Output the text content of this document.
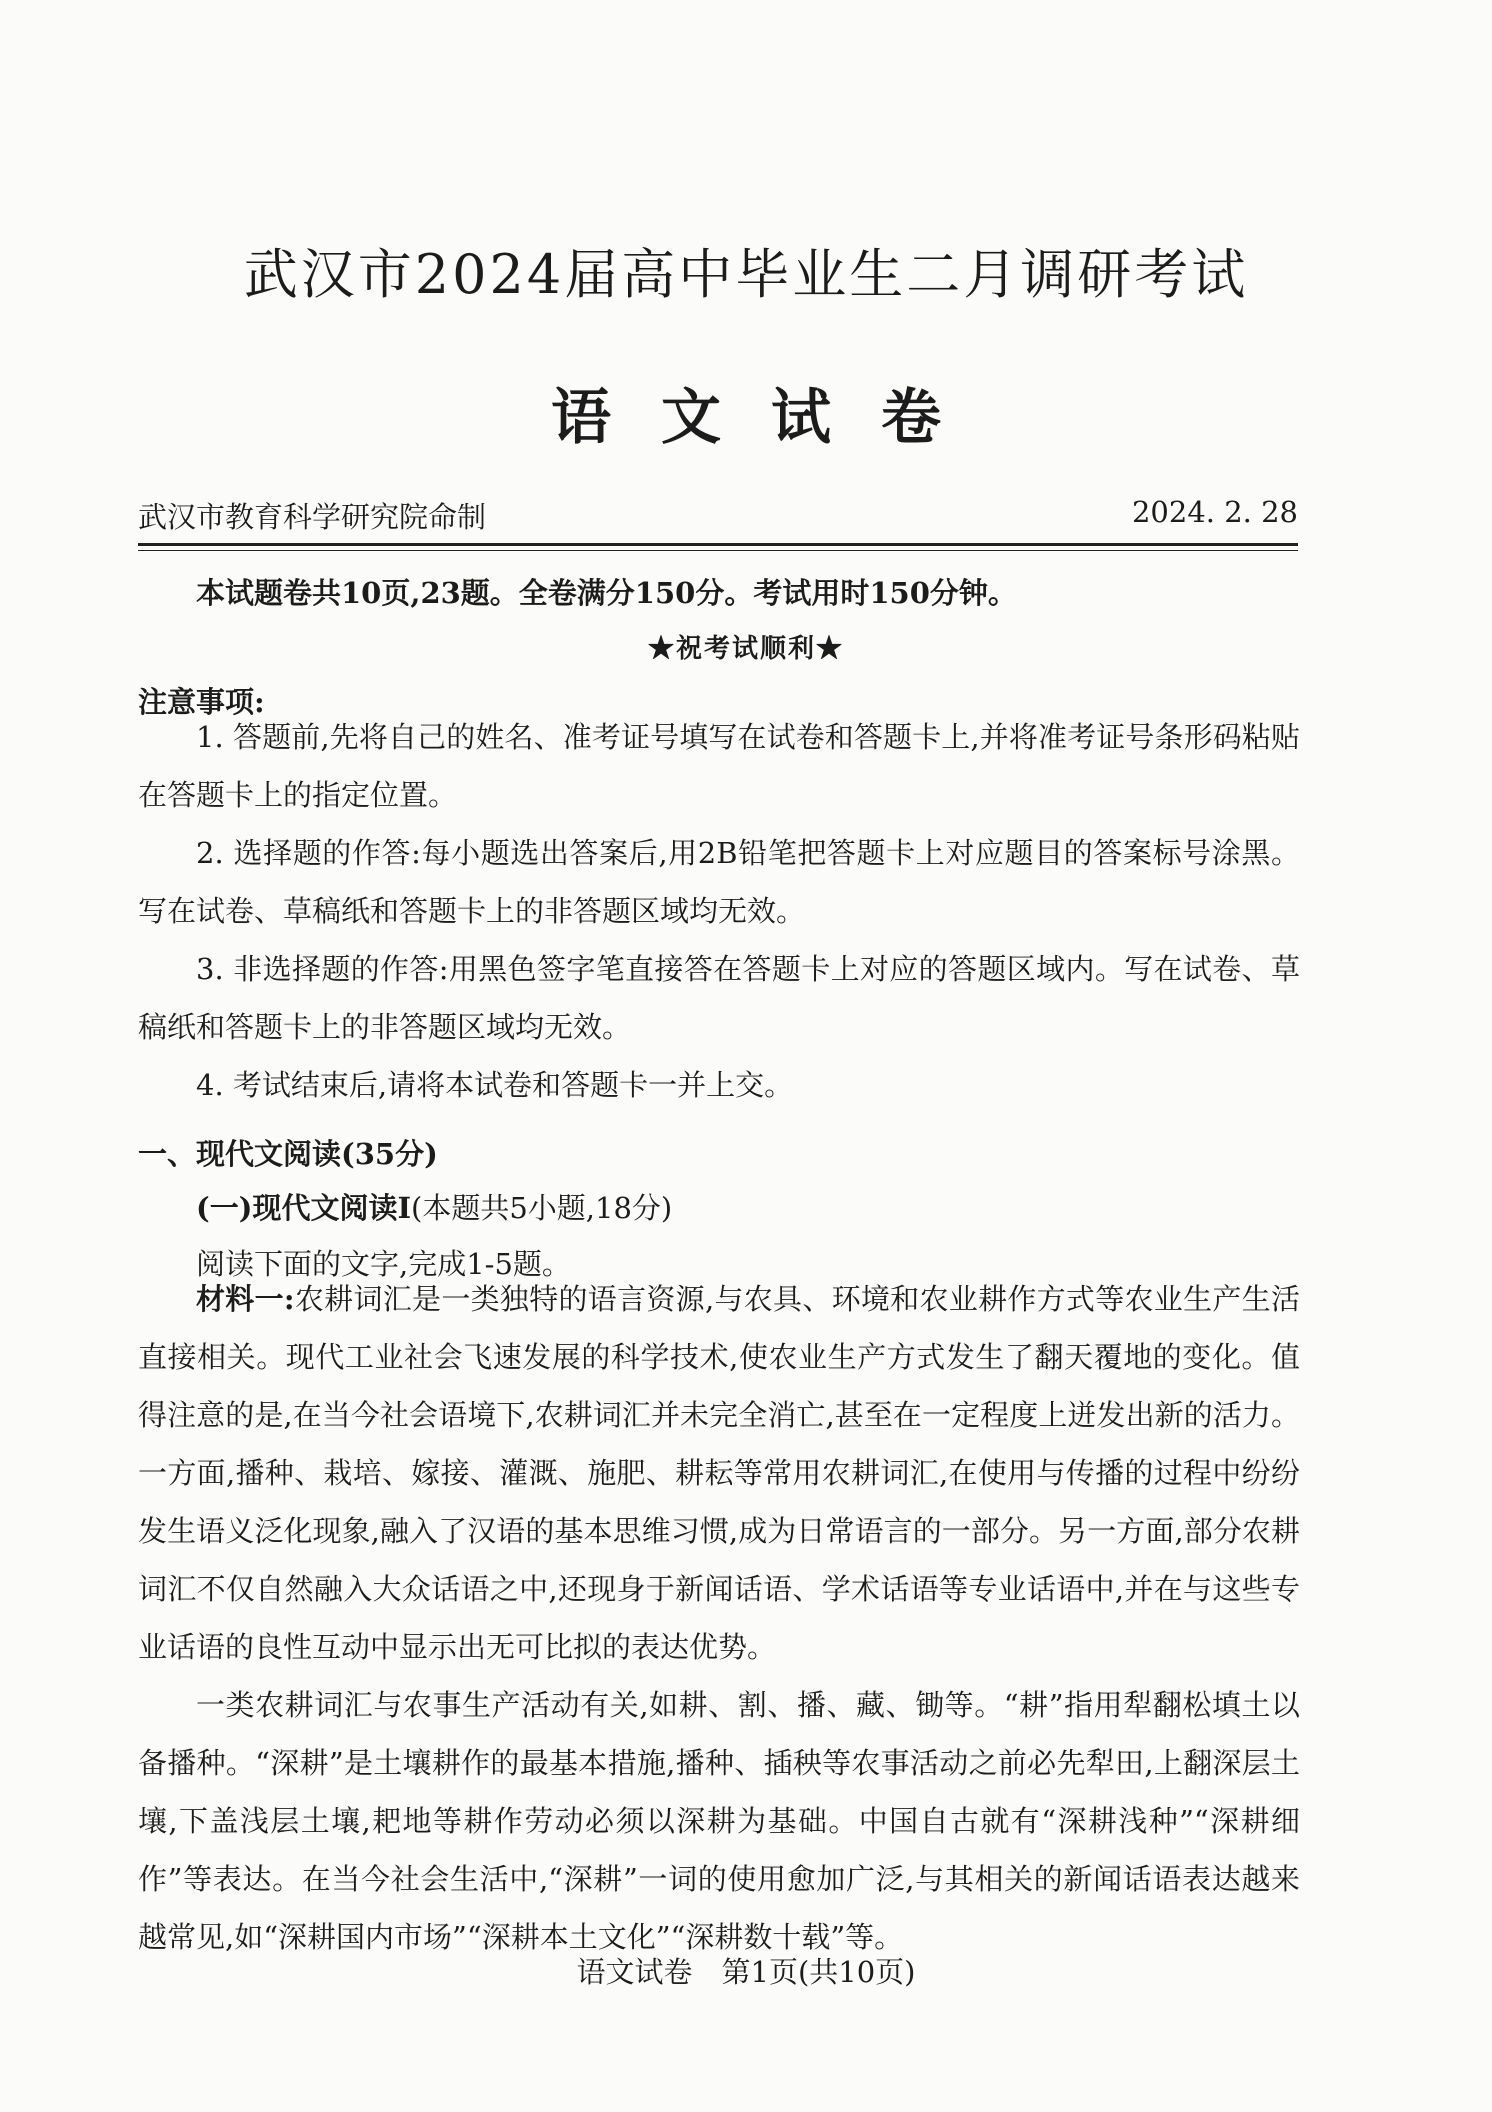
武汉市2024届高中毕业生二月调研考试
语文试卷
武汉市教育科学研究院命制	2024. 2. 28
本试题卷共10页,23题。全卷满分150分。考试用时150分钟。
★祝考试顺利★
注意事项:
1. 答题前,先将自己的姓名、准考证号填写在试卷和答题卡上,并将准考证号条形码粘贴在答题卡上的指定位置。
2. 选择题的作答:每小题选出答案后,用2B铅笔把答题卡上对应题目的答案标号涂黑。写在试卷、草稿纸和答题卡上的非答题区域均无效。
3. 非选择题的作答:用黑色签字笔直接答在答题卡上对应的答题区域内。写在试卷、草稿纸和答题卡上的非答题区域均无效。
4. 考试结束后,请将本试卷和答题卡一并上交。
一、现代文阅读(35分)
(一)现代文阅读Ⅰ(本题共5小题,18分)
阅读下面的文字,完成1-5题。
材料一:农耕词汇是一类独特的语言资源,与农具、环境和农业耕作方式等农业生产生活直接相关。现代工业社会飞速发展的科学技术,使农业生产方式发生了翻天覆地的变化。值得注意的是,在当今社会语境下,农耕词汇并未完全消亡,甚至在一定程度上迸发出新的活力。一方面,播种、栽培、嫁接、灌溉、施肥、耕耘等常用农耕词汇,在使用与传播的过程中纷纷发生语义泛化现象,融入了汉语的基本思维习惯,成为日常语言的一部分。另一方面,部分农耕词汇不仅自然融入大众话语之中,还现身于新闻话语、学术话语等专业话语中,并在与这些专业话语的良性互动中显示出无可比拟的表达优势。
一类农耕词汇与农事生产活动有关,如耕、割、播、藏、锄等。“耕”指用犁翻松填土以备播种。“深耕”是土壤耕作的最基本措施,播种、插秧等农事活动之前必先犁田,上翻深层土壤,下盖浅层土壤,耙地等耕作劳动必须以深耕为基础。中国自古就有“深耕浅种”“深耕细作”等表达。在当今社会生活中,“深耕”一词的使用愈加广泛,与其相关的新闻话语表达越来越常见,如“深耕国内市场”“深耕本土文化”“深耕数十载”等。
语文试卷　第1页(共10页)
